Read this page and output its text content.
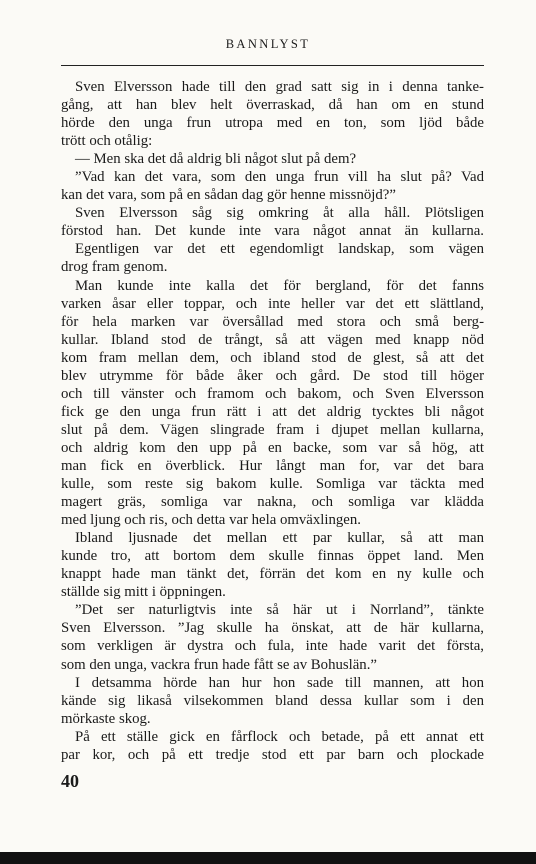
BANNLYST
Sven Elversson hade till den grad satt sig in i denna tanke-
gång, att han blev helt överraskad, då han om en stund
hörde den unga frun utropa med en ton, som ljöd både
trött och otålig:
— Men ska det då aldrig bli något slut på dem?
”Vad kan det vara, som den unga frun vill ha slut på? Vad
kan det vara, som på en sådan dag gör henne missnöjd?”
Sven Elversson såg sig omkring åt alla håll. Plötsligen
förstod han. Det kunde inte vara något annat än kullarna.
Egentligen var det ett egendomligt landskap, som vägen
drog fram genom.
Man kunde inte kalla det för bergland, för det fanns
varken åsar eller toppar, och inte heller var det ett slättland,
för hela marken var översållad med stora och små berg-
kullar. Ibland stod de trångt, så att vägen med knapp nöd
kom fram mellan dem, och ibland stod de glest, så att det
blev utrymme för både åker och gård. De stod till höger
och till vänster och framom och bakom, och Sven Elversson
fick ge den unga frun rätt i att det aldrig tycktes bli något
slut på dem. Vägen slingrade fram i djupet mellan kullarna,
och aldrig kom den upp på en backe, som var så hög, att
man fick en överblick. Hur långt man for, var det bara
kulle, som reste sig bakom kulle. Somliga var täckta med
magert gräs, somliga var nakna, och somliga var klädda
med ljung och ris, och detta var hela omväxlingen.
Ibland ljusnade det mellan ett par kullar, så att man
kunde tro, att bortom dem skulle finnas öppet land. Men
knappt hade man tänkt det, förrän det kom en ny kulle och
ställde sig mitt i öppningen.
”Det ser naturligtvis inte så här ut i Norrland”, tänkte
Sven Elversson. ”Jag skulle ha önskat, att de här kullarna,
som verkligen är dystra och fula, inte hade varit det första,
som den unga, vackra frun hade fått se av Bohuslän.”
I detsamma hörde han hur hon sade till mannen, att hon
kände sig likaså vilsekommen bland dessa kullar som i den
mörkaste skog.
På ett ställe gick en fårflock och betade, på ett annat ett
par kor, och på ett tredje stod ett par barn och plockade
40
